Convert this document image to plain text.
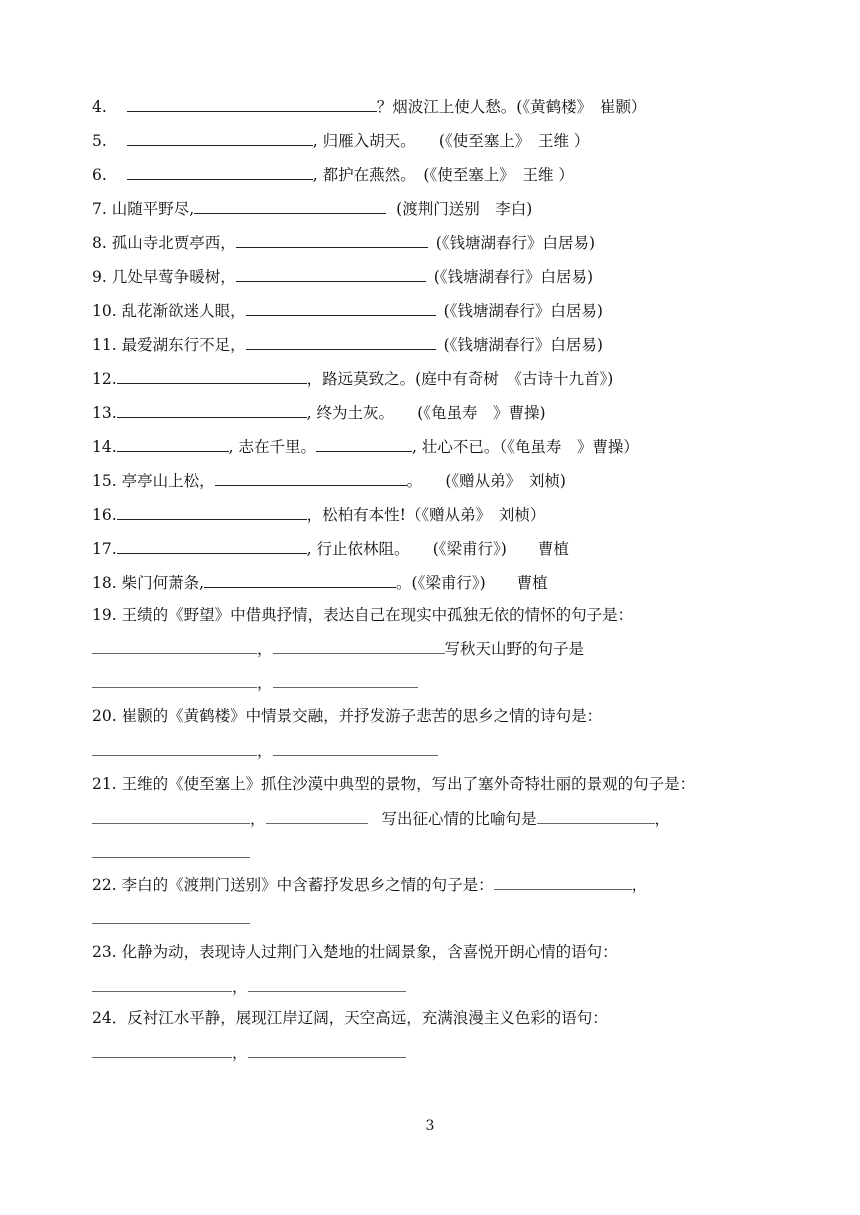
4.	？烟波江上使人愁。(《黄鹤楼》　崔颢）
5.	, 归雁入胡天。　　(《使至塞上》　王维 ）
6.	, 都护在燕然。　(《使至塞上》　王维 ）
7. 山随平野尽,	(渡荆门送别　李白)
8. 孤山寺北贾亭西，	(《钱塘湖春行》白居易)
9. 几处早莺争暖树，	(《钱塘湖春行》白居易)
10. 乱花渐欲迷人眼，	(《钱塘湖春行》白居易)
11. 最爱湖东行不足，	(《钱塘湖春行》白居易)
12.	，路远莫致之。(庭中有奇树　《古诗十九首》)
13.	, 终为土灰。　　(《龟虽寿　》曹操)
14.	, 志在千里。	, 壮心不已。（《龟虽寿　》曹操）
15. 亭亭山上松，	。　　(《赠从弟》　刘桢)
16.	，松柏有本性!（《赠从弟》　刘桢）
17.	, 行止依林阻。　　(《梁甫行》)　　曹植
18. 柴门何萧条,	。(《梁甫行》)　　曹植
19. 王绩的《野望》中借典抒情，表达自己在现实中孤独无依的情怀的句子是：
，	写秋天山野的句子是
，
20. 崔颢的《黄鹤楼》中情景交融，并抒发游子悲苦的思乡之情的诗句是：
，
21. 王维的《使至塞上》抓住沙漠中典型的景物，写出了塞外奇特壮丽的景观的句子是：
，	写出征心情的比喻句是	，
22. 李白的《渡荆门送别》中含蓄抒发思乡之情的句子是：	，
23. 化静为动，表现诗人过荆门入楚地的壮阔景象，含喜悦开朗心情的语句：
，
24．反衬江水平静，展现江岸辽阔，天空高远，充满浪漫主义色彩的语句：
，
3
